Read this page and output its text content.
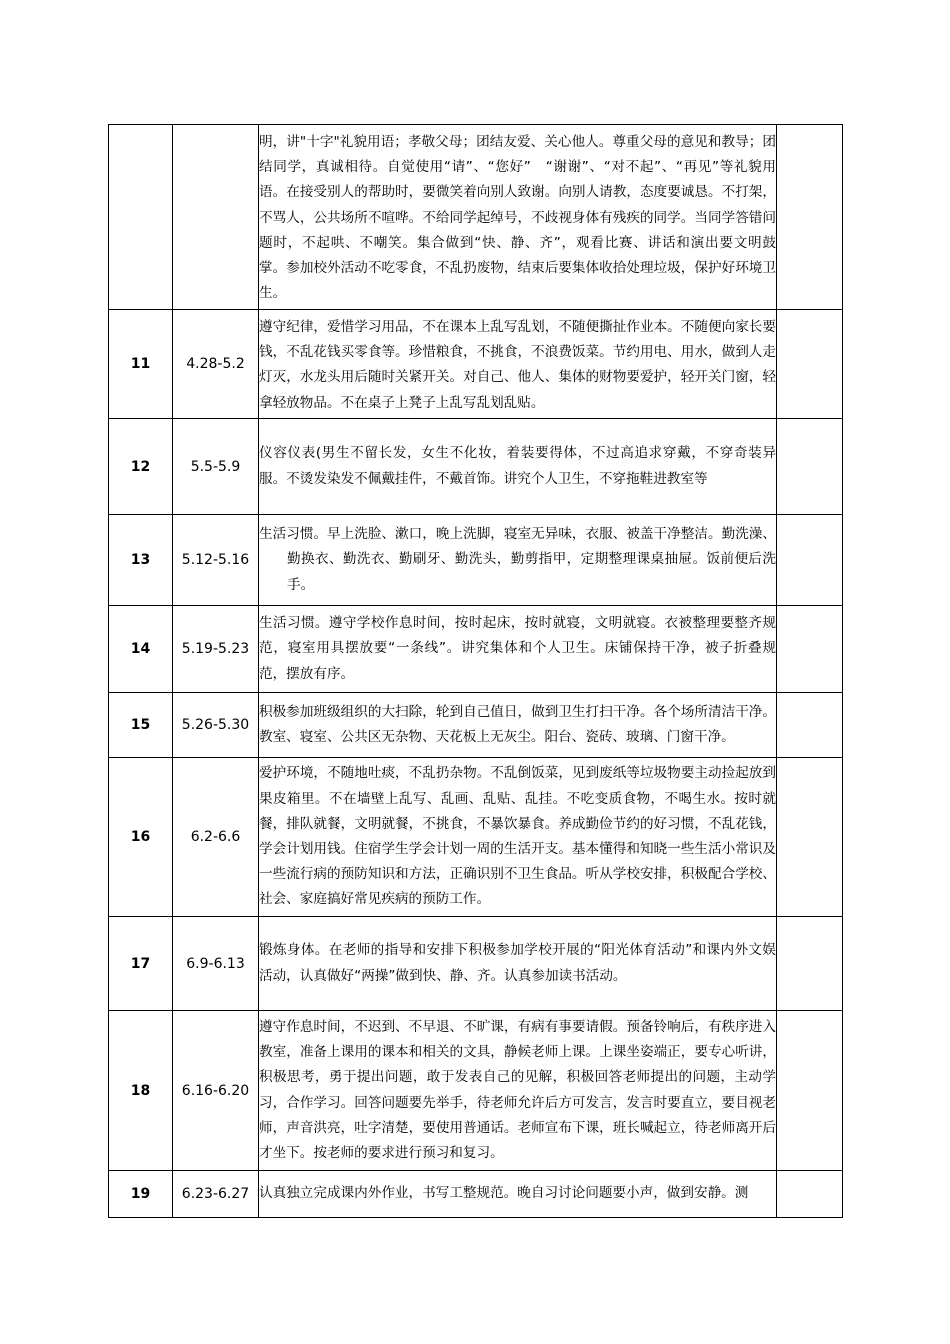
		明，讲"十字"礼貌用语；孝敬父母；团结友爱、关心他人。尊重父母的意见和教导；团结同学，真诚相待。自觉使用“请”、“您好”　“谢谢”、“对不起”、“再见”等礼貌用语。在接受别人的帮助时，要微笑着向别人致谢。向别人请教，态度要诚恳。不打架，不骂人，公共场所不喧哗。不给同学起绰号，不歧视身体有残疾的同学。当同学答错问题时，不起哄、不嘲笑。集合做到“快、静、齐”，观看比赛、讲话和演出要文明鼓掌。参加校外活动不吃零食，不乱扔废物，结束后要集体收拾处理垃圾，保护好环境卫生。	
11	4.28-5.2	遵守纪律，爱惜学习用品，不在课本上乱写乱划，不随便撕扯作业本。不随便向家长要钱，不乱花钱买零食等。珍惜粮食，不挑食，不浪费饭菜。节约用电、用水，做到人走灯灭，水龙头用后随时关紧开关。对自己、他人、集体的财物要爱护，轻开关门窗，轻拿轻放物品。不在桌子上凳子上乱写乱划乱贴。	
12	5.5-5.9	仪容仪表(男生不留长发，女生不化妆，着装要得体，不过高追求穿戴，不穿奇装异服。不烫发染发不佩戴挂件，不戴首饰。讲究个人卫生，不穿拖鞋进教室等	
13	5.12-5.16	生活习惯。早上洗脸、漱口，晚上洗脚，寝室无异味，衣服、被盖干净整洁。勤洗澡、勤换衣、勤洗衣、勤刷牙、勤洗头，勤剪指甲，定期整理课桌抽屉。饭前便后洗手。	

14	5.19-5.23	生活习惯。遵守学校作息时间，按时起床，按时就寝，文明就寝。衣被整理要整齐规范，寝室用具摆放要“一条线”。讲究集体和个人卫生。床铺保持干净，被子折叠规范，摆放有序。	
15	5.26-5.30	积极参加班级组织的大扫除，轮到自己值日，做到卫生打扫干净。各个场所清洁干净。教室、寝室、公共区无杂物、天花板上无灰尘。阳台、瓷砖、玻璃、门窗干净。	
16	6.2-6.6	爱护环境，不随地吐痰，不乱扔杂物。不乱倒饭菜，见到废纸等垃圾物要主动捡起放到果皮箱里。不在墙壁上乱写、乱画、乱贴、乱挂。不吃变质食物，不喝生水。按时就餐，排队就餐，文明就餐，不挑食，不暴饮暴食。养成勤俭节约的好习惯，不乱花钱，学会计划用钱。住宿学生学会计划一周的生活开支。基本懂得和知晓一些生活小常识及一些流行病的预防知识和方法，正确识别不卫生食品。听从学校安排，积极配合学校、社会、家庭搞好常见疾病的预防工作。	
17	6.9-6.13	锻炼身体。在老师的指导和安排下积极参加学校开展的“阳光体育活动”和课内外文娱活动，认真做好“两操”做到快、静、齐。认真参加读书活动。	
18	6.16-6.20	遵守作息时间，不迟到、不早退、不旷课，有病有事要请假。预备铃响后，有秩序进入教室，准备上课用的课本和相关的文具，静候老师上课。上课坐姿端正，要专心听讲，积极思考，勇于提出问题，敢于发表自己的见解，积极回答老师提出的问题，主动学习，合作学习。回答问题要先举手，待老师允许后方可发言，发言时要直立，要目视老师，声音洪亮，吐字清楚，要使用普通话。老师宣布下课，班长喊起立，待老师离开后才坐下。按老师的要求进行预习和复习。	
19	6.23-6.27	认真独立完成课内外作业，书写工整规范。晚自习讨论问题要小声，做到安静。测	
